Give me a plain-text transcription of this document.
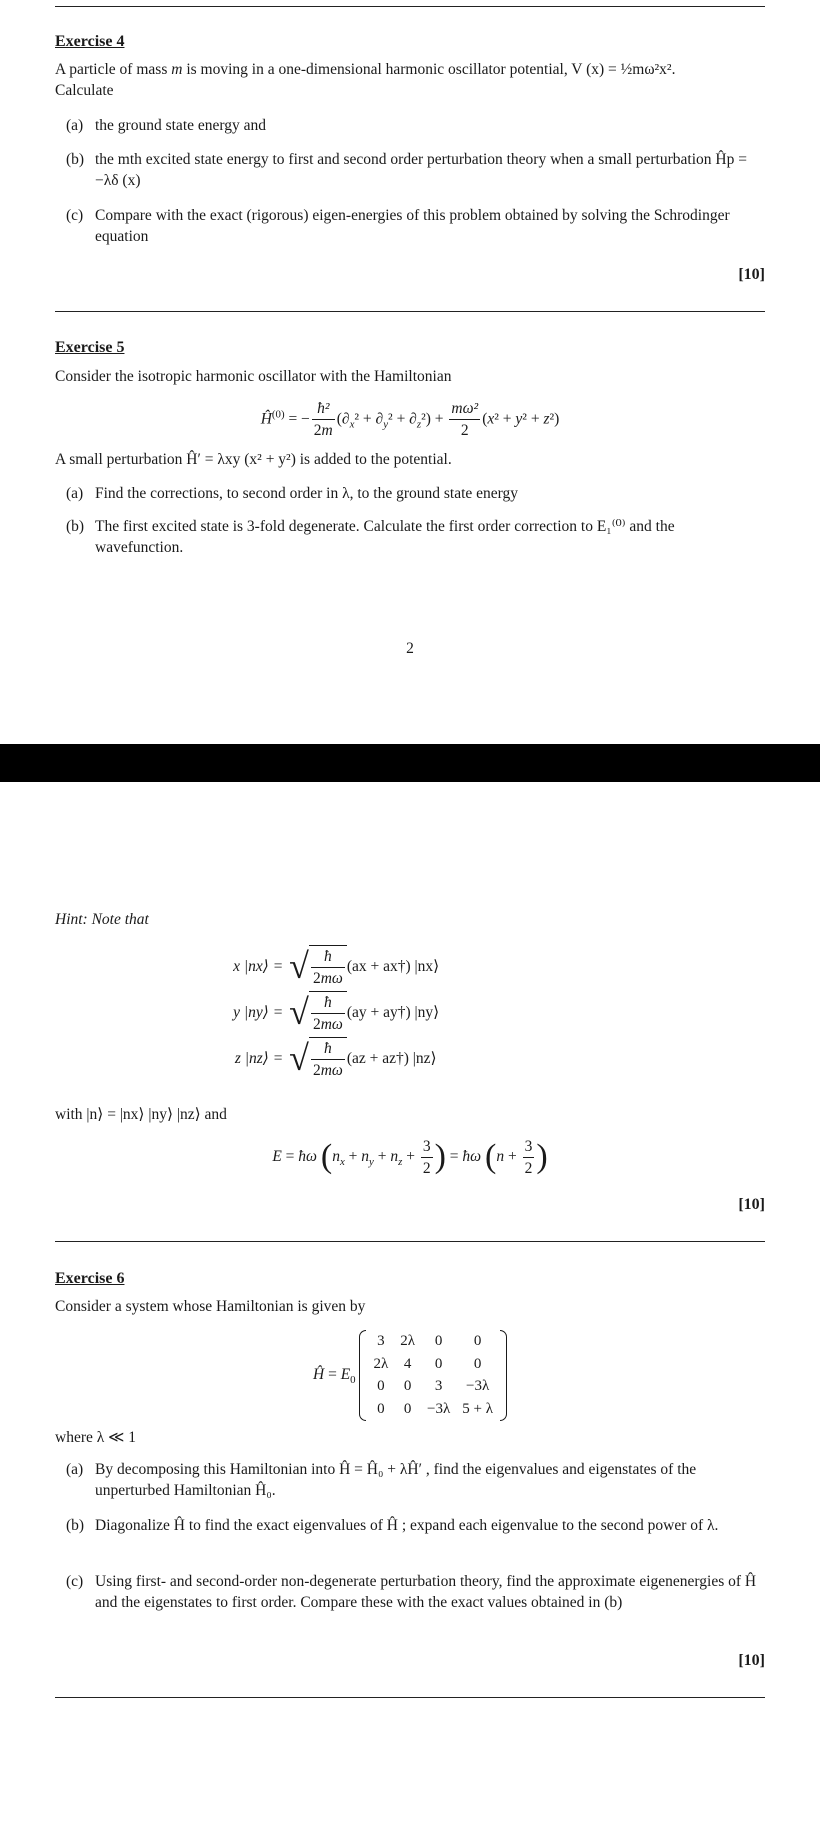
Exercise 4
A particle of mass m is moving in a one-dimensional harmonic oscillator potential, V (x) = ½mω²x².
Calculate
(a) the ground state energy and
(b) the mth excited state energy to first and second order perturbation theory when a small perturbation Ĥp = −λδ (x)
(c) Compare with the exact (rigorous) eigen-energies of this problem obtained by solving the Schrodinger equation
[10]
Exercise 5
Consider the isotropic harmonic oscillator with the Hamiltonian
$Ĥ^{(0)}$ = − $\frac{\text{ħ²}}{2m} (\partial_x^2 + \partial_y^2 + \partial_z^2) + \frac{\text{mω²}}{2} (x^2 + y^2 + z^2)$
A small perturbation Ĥ′ = λxy (x² + y²) is added to the potential.
(a) Find the corrections, to second order in λ, to the ground state energy
(b) The first excited state is 3-fold degenerate. Calculate the first order correction to E₁⁽⁰⁾ and the wavefunction.
2
Hint: Note that
x |nx⟩ = √ $\frac{ħ}{2m\omega} (ax$ + ax†) |nx⟩
y |ny⟩ = √ $\frac{ħ}{2m\omega} (ay$ + ay†) |ny⟩
z |nz⟩ = √ $\frac{ħ}{2m\omega} (az$ + az†) |nz⟩
with |n⟩ = |nx⟩ |ny⟩ |nz⟩ and
E = ħω ($n_x + n_y + n_z + \frac{3}{2}$ ) = ħω ($n + \frac{3}{2}$ )
[10]
Exercise 6
Consider a system whose Hamiltonian is given by
Ĥ = $E_0$
3	2λ	0	0
2λ	4	0	0
0	0	3	−3λ
0	0	−3λ	5 + λ
where λ ≪ 1
(a) By decomposing this Hamiltonian into Ĥ = Ĥ₀ + λĤ′ , find the eigenvalues and eigenstates of the unperturbed Hamiltonian Ĥ₀.
(b) Diagonalize Ĥ to find the exact eigenvalues of Ĥ ; expand each eigenvalue to the second power of λ.
(c) Using first- and second-order non-degenerate perturbation theory, find the approximate eigenenergies of Ĥ and the eigenstates to first order. Compare these with the exact values obtained in (b)
[10]
